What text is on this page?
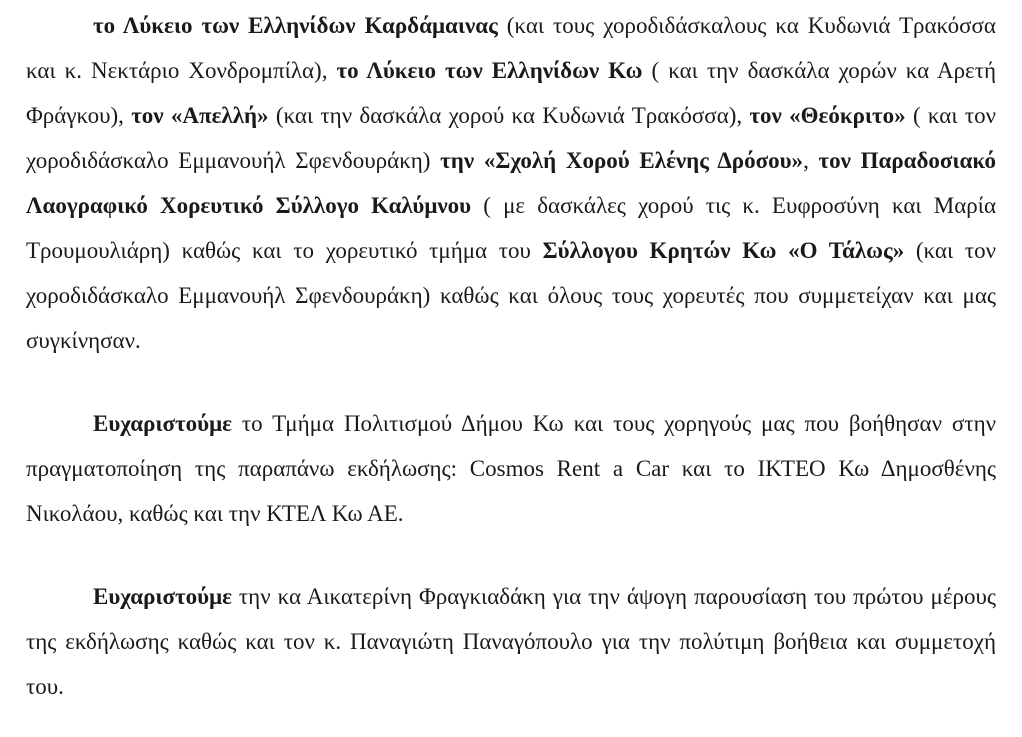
το Λύκειο των Ελληνίδων Καρδάμαινας (και τους χοροδιδάσκαλους κα Κυδωνιά Τρακόσσα και κ. Νεκτάριο Χονδρομπίλα), το Λύκειο των Ελληνίδων Κω ( και την δασκάλα χορών κα Αρετή Φράγκου), τον «Απελλή» (και την δασκάλα χορού κα Κυδωνιά Τρακόσσα), τον «Θεόκριτο» ( και τον χοροδιδάσκαλο Εμμανουήλ Σφενδουράκη) την «Σχολή Χορού Ελένης Δρόσου», τον Παραδοσιακό Λαογραφικό Χορευτικό Σύλλογο Καλύμνου ( με δασκάλες χορού τις κ. Ευφροσύνη και Μαρία Τρουμουλιάρη) καθώς και το χορευτικό τμήμα του Σύλλογου Κρητών Κω «Ο Τάλως» (και τον χοροδιδάσκαλο Εμμανουήλ Σφενδουράκη) καθώς και όλους τους χορευτές που συμμετείχαν και μας συγκίνησαν.

Ευχαριστούμε το Τμήμα Πολιτισμού Δήμου Κω και τους χορηγούς μας που βοήθησαν στην πραγματοποίηση της παραπάνω εκδήλωσης: Cosmos Rent a Car και το ΙΚΤΕΟ Κω Δημοσθένης Νικολάου, καθώς και την ΚΤΕΛ Κω ΑΕ.

Ευχαριστούμε την κα Αικατερίνη Φραγκιαδάκη για την άψογη παρουσίαση του πρώτου μέρους της εκδήλωσης καθώς και τον κ. Παναγιώτη Παναγόπουλο για την πολύτιμη βοήθεια και συμμετοχή του.
